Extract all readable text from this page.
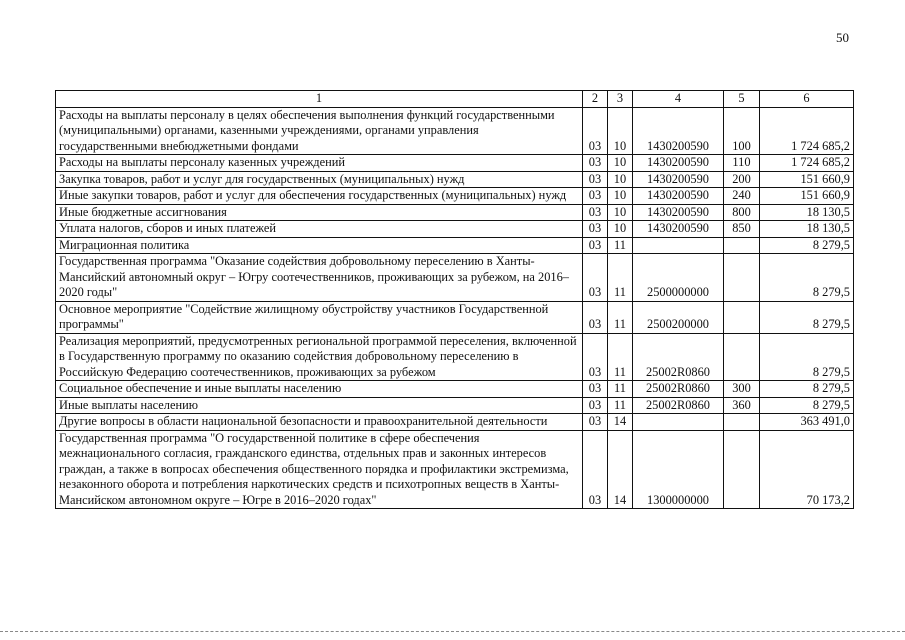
50
1	2	3	4	5	6
Расходы на выплаты персоналу в целях обеспечения выполнения функций государственными (муниципальными) органами, казенными учреждениями, органами управления государственными внебюджетными фондами	03	10	1430200590	100	1 724 685,2
Расходы на выплаты персоналу казенных учреждений	03	10	1430200590	110	1 724 685,2
Закупка товаров, работ и услуг для государственных (муниципальных) нужд	03	10	1430200590	200	151 660,9
Иные закупки товаров, работ и услуг для обеспечения государственных (муниципальных) нужд	03	10	1430200590	240	151 660,9
Иные бюджетные ассигнования	03	10	1430200590	800	18 130,5
Уплата налогов, сборов и иных платежей	03	10	1430200590	850	18 130,5
Миграционная политика	03	11			8 279,5
Государственная программа "Оказание содействия добровольному переселению в Ханты-Мансийский автономный округ – Югру соотечественников, проживающих за рубежом, на 2016–2020 годы"	03	11	2500000000		8 279,5
Основное мероприятие "Содействие жилищному обустройству участников Государственной программы"	03	11	2500200000		8 279,5
Реализация мероприятий, предусмотренных региональной программой переселения, включенной в Государственную программу по оказанию содействия добровольному переселению в Российскую Федерацию соотечественников, проживающих за рубежом	03	11	25002R0860		8 279,5
Социальное обеспечение и иные выплаты населению	03	11	25002R0860	300	8 279,5
Иные выплаты населению	03	11	25002R0860	360	8 279,5
Другие вопросы в области национальной безопасности и правоохранительной деятельности	03	14			363 491,0
Государственная программа "О государственной политике в сфере обеспечения межнационального согласия, гражданского единства, отдельных прав и законных интересов граждан, а также в вопросах обеспечения общественного порядка и профилактики экстремизма, незаконного оборота и потребления наркотических средств и психотропных веществ в Ханты-Мансийском автономном округе – Югре в 2016–2020 годах"	03	14	1300000000		70 173,2
